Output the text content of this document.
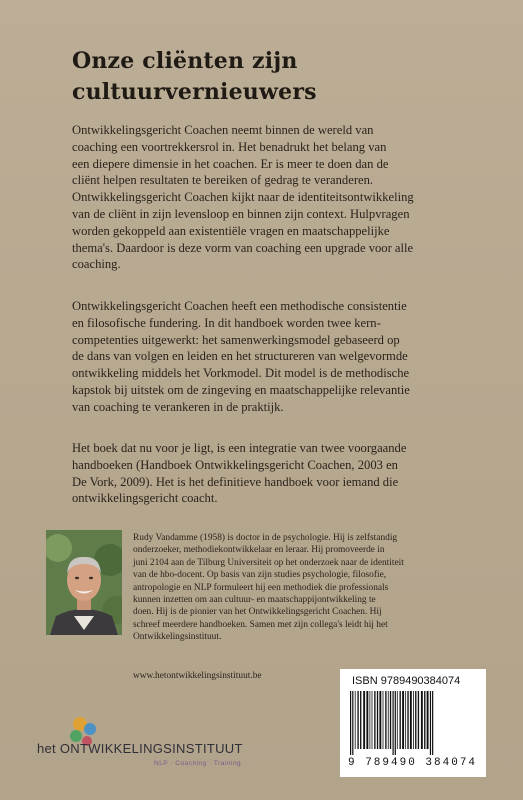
Onze cliënten zijn
cultuurvernieuwers
Ontwikkelingsgericht Coachen neemt binnen de wereld van
coaching een voortrekkersrol in. Het benadrukt het belang van
een diepere dimensie in het coachen. Er is meer te doen dan de
cliënt helpen resultaten te bereiken of gedrag te veranderen.
Ontwikkelingsgericht Coachen kijkt naar de identiteitsontwikkeling
van de cliënt in zijn levensloop en binnen zijn context. Hulpvragen
worden gekoppeld aan existentiële vragen en maatschappelijke
thema's. Daardoor is deze vorm van coaching een upgrade voor alle
coaching.
Ontwikkelingsgericht Coachen heeft een methodische consistentie
en filosofische fundering. In dit handboek worden twee kern-
competenties uitgewerkt: het samenwerkingsmodel gebaseerd op
de dans van volgen en leiden en het structureren van welgevormde
ontwikkeling middels het Vorkmodel. Dit model is de methodische
kapstok bij uitstek om de zingeving en maatschappelijke relevantie
van coaching te verankeren in de praktijk.
Het boek dat nu voor je ligt, is een integratie van twee voorgaande
handboeken (Handboek Ontwikkelingsgericht Coachen, 2003 en
De Vork, 2009). Het is het definitieve handboek voor iemand die
ontwikkelingsgericht coacht.
Rudy Vandamme (1958) is doctor in de psychologie. Hij is zelfstandig
onderzoeker, methodiekontwikkelaar en leraar. Hij promoveerde in
juni 2104 aan de Tilburg Universiteit op het onderzoek naar de identiteit
van de hbo-docent. Op basis van zijn studies psychologie, filosofie,
antropologie en NLP formuleert hij een methodiek die professionals
kunnen inzetten om aan cultuur- en maatschappijontwikkeling te
doen. Hij is de pionier van het Ontwikkelingsgericht Coachen. Hij
schreef meerdere handboeken. Samen met zijn collega's leidt hij het
Ontwikkelingsinstituut.
www.hetontwikkelingsinstituut.be
het ONTWIKKELINGSINSTITUUT
NLP · Coaching · Training
ISBN 9789490384074
9 789490 384074
